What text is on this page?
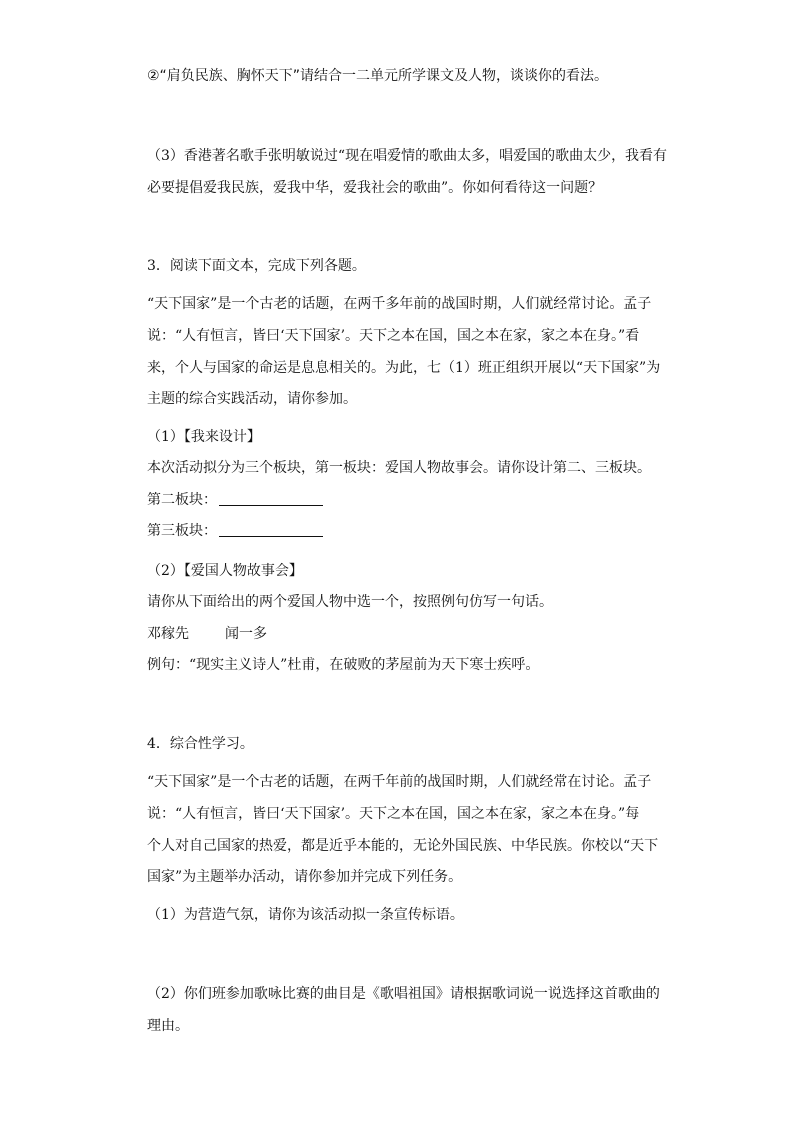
②“肩负民族、胸怀天下”请结合一二单元所学课文及人物，谈谈你的看法。
（3）香港著名歌手张明敏说过“现在唱爱情的歌曲太多，唱爱国的歌曲太少，我看有
必要提倡爱我民族，爱我中华，爱我社会的歌曲”。你如何看待这一问题？
3．阅读下面文本，完成下列各题。
“天下国家”是一个古老的话题，在两千多年前的战国时期，人们就经常讨论。孟子
说：“人有恒言，皆曰‘天下国家’。天下之本在国，国之本在家，家之本在身。”看
来，个人与国家的命运是息息相关的。为此，七（1）班正组织开展以“天下国家”为
主题的综合实践活动，请你参加。
（1）【我来设计】
本次活动拟分为三个板块，第一板块：爱国人物故事会。请你设计第二、三板块。
第二板块：
第三板块：
（2）【爱国人物故事会】
请你从下面给出的两个爱国人物中选一个，按照例句仿写一句话。
邓稼先	闻一多
例句：“现实主义诗人”杜甫，在破败的茅屋前为天下寒士疾呼。
4．综合性学习。
“天下国家”是一个古老的话题，在两千年前的战国时期，人们就经常在讨论。孟子
说：“人有恒言，皆曰‘天下国家’。天下之本在国，国之本在家，家之本在身。”每
个人对自己国家的热爱，都是近乎本能的，无论外国民族、中华民族。你校以“天下
国家”为主题举办活动，请你参加并完成下列任务。
（1）为营造气氛，请你为该活动拟一条宣传标语。
（2）你们班参加歌咏比赛的曲目是《歌唱祖国》请根据歌词说一说选择这首歌曲的
理由。
